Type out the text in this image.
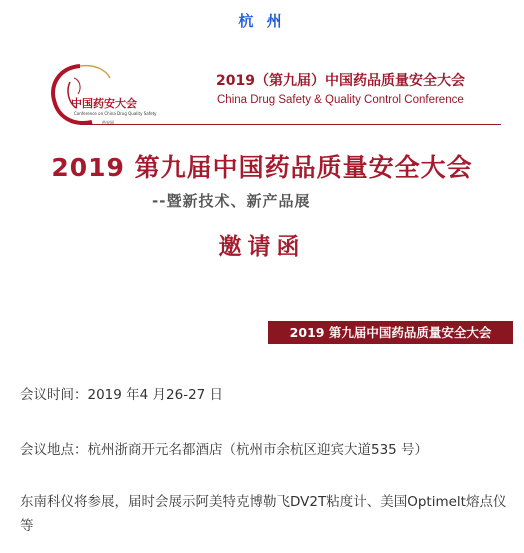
杭 州
中国药安大会
Conference on China Drug Quality Safety
药安网
2019（第九届）中国药品质量安全大会
China Drug Safety & Quality Control Conference
2019 第九届中国药品质量安全大会
--暨新技术、新产品展
邀请函
2019 第九届中国药品质量安全大会
会议时间：2019 年4 月26-27 日
会议地点：杭州浙商开元名都酒店（杭州市余杭区迎宾大道535 号）
东南科仪将参展，届时会展示阿美特克博勒飞DV2T粘度计、美国Optimelt熔点仪等
